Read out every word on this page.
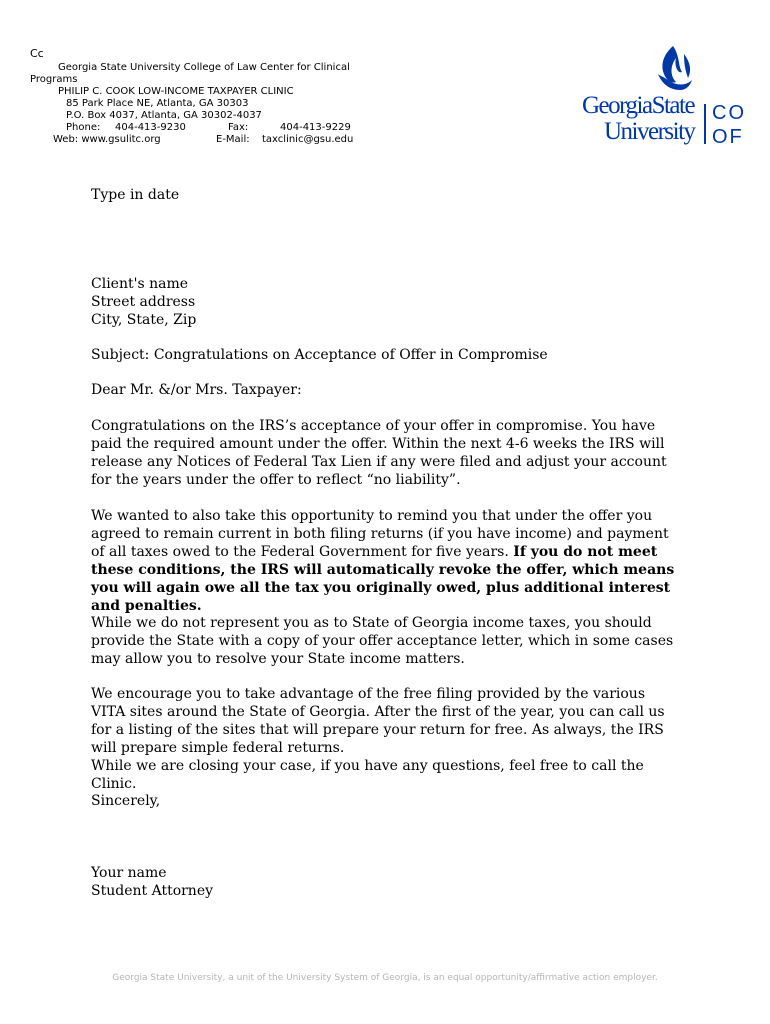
Cc
Georgia State University College of Law Center for Clinical
Programs
PHILIP C. COOK LOW-INCOME TAXPAYER CLINIC
85 Park Place NE, Atlanta, GA 30303
P.O. Box 4037, Atlanta, GA 30302-4037
Phone: 404-413-9230	Fax:	404-413-9229
Web: www.gsulitc.org	E-Mail: taxclinic@gsu.edu
GeorgiaState
University
CO
OF
Type in date
Client's name
Street address
City, State, Zip
Subject: Congratulations on Acceptance of Offer in Compromise
Dear Mr. &/or Mrs. Taxpayer:
Congratulations on the IRS’s acceptance of your offer in compromise. You have paid the required amount under the offer. Within the next 4-6 weeks the IRS will release any Notices of Federal Tax Lien if any were filed and adjust your account for the years under the offer to reflect “no liability”.
We wanted to also take this opportunity to remind you that under the offer you agreed to remain current in both filing returns (if you have income) and payment of all taxes owed to the Federal Government for five years. If you do not meet these conditions, the IRS will automatically revoke the offer, which means you will again owe all the tax you originally owed, plus additional interest and penalties.
While we do not represent you as to State of Georgia income taxes, you should provide the State with a copy of your offer acceptance letter, which in some cases may allow you to resolve your State income matters.
We encourage you to take advantage of the free filing provided by the various VITA sites around the State of Georgia. After the first of the year, you can call us for a listing of the sites that will prepare your return for free. As always, the IRS will prepare simple federal returns.
While we are closing your case, if you have any questions, feel free to call the Clinic.
Sincerely,
Your name
Student Attorney
Georgia State University, a unit of the University System of Georgia, is an equal opportunity/affirmative action employer.
